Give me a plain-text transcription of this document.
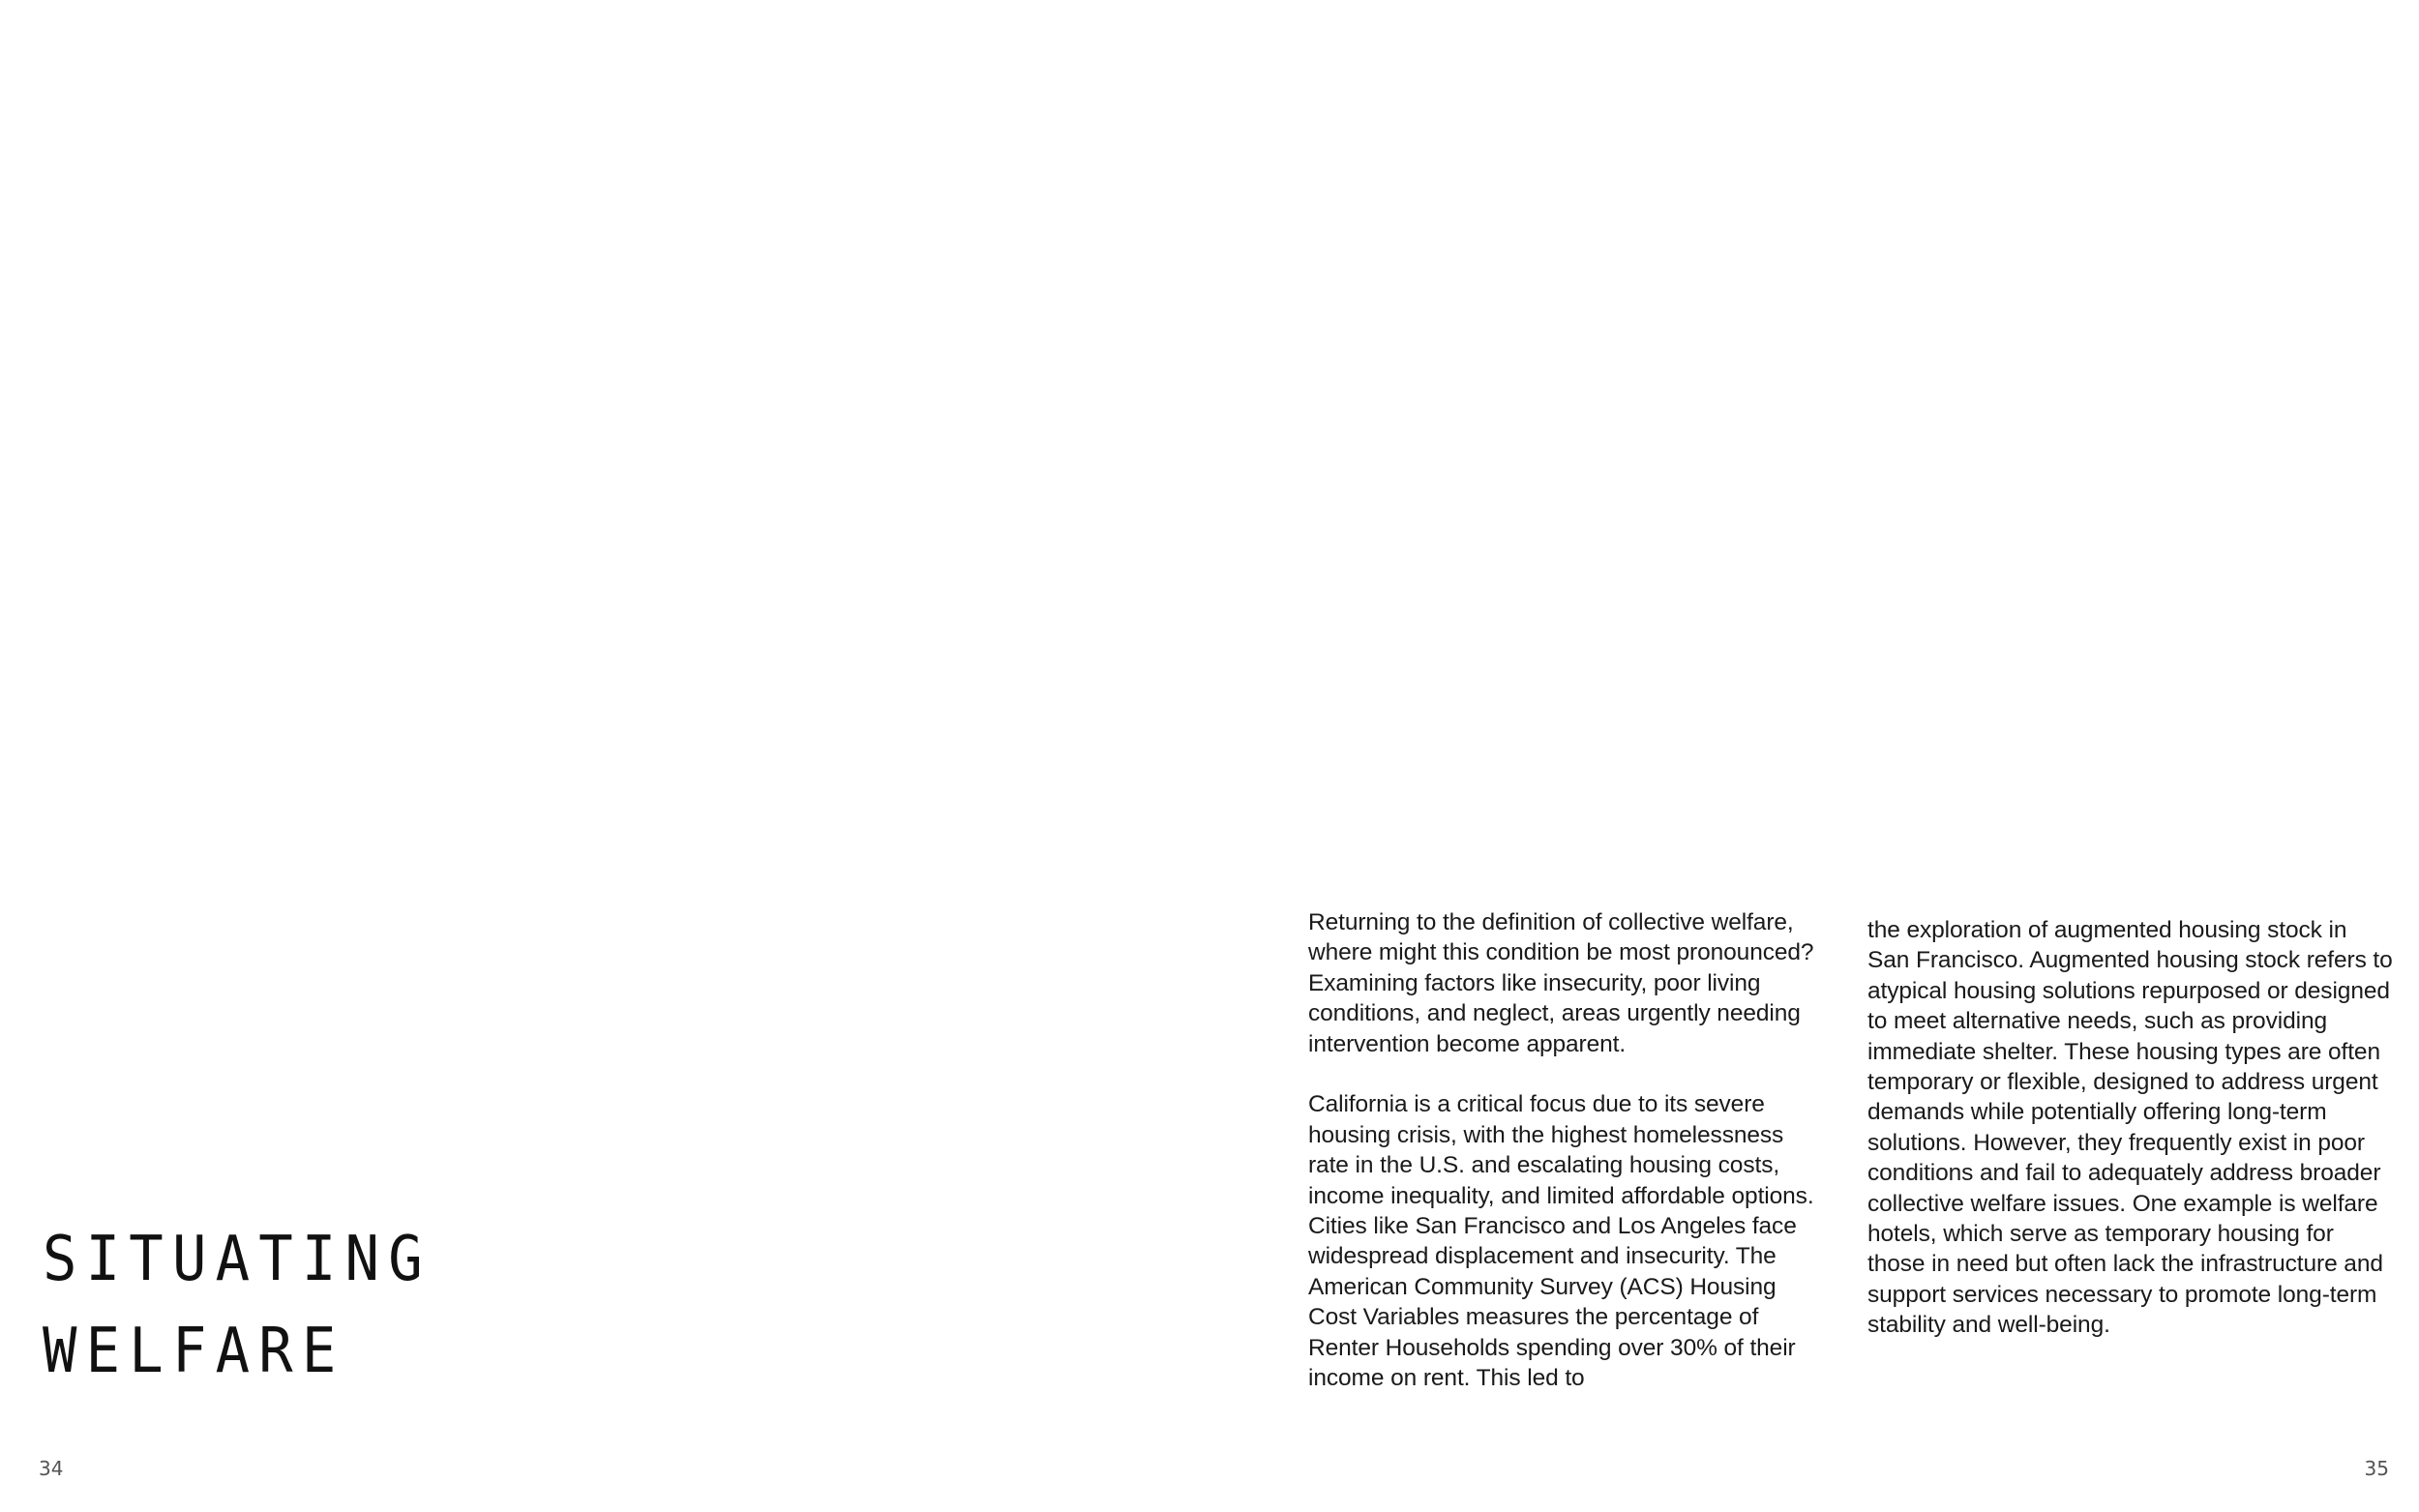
SITUATING
WELFARE

Returning to the definition of collective welfare, where might this condition be most pronounced? Examining factors like insecurity, poor living conditions, and neglect, areas urgently needing intervention become apparent.

California is a critical focus due to its severe housing crisis, with the highest homelessness rate in the U.S. and escalating housing costs, income inequality, and limited affordable options. Cities like San Francisco and Los Angeles face widespread displacement and insecurity. The American Community Survey (ACS) Housing Cost Variables measures the percentage of Renter Households spending over 30% of their income on rent. This led to

the exploration of augmented housing stock in San Francisco. Augmented housing stock refers to atypical housing solutions repurposed or designed to meet alternative needs, such as providing immediate shelter. These housing types are often temporary or flexible, designed to address urgent demands while potentially offering long-term solutions. However, they frequently exist in poor conditions and fail to adequately address broader collective welfare issues. One example is welfare hotels, which serve as temporary housing for those in need but often lack the infrastructure and support services necessary to promote long-term stability and well-being.

34	35
